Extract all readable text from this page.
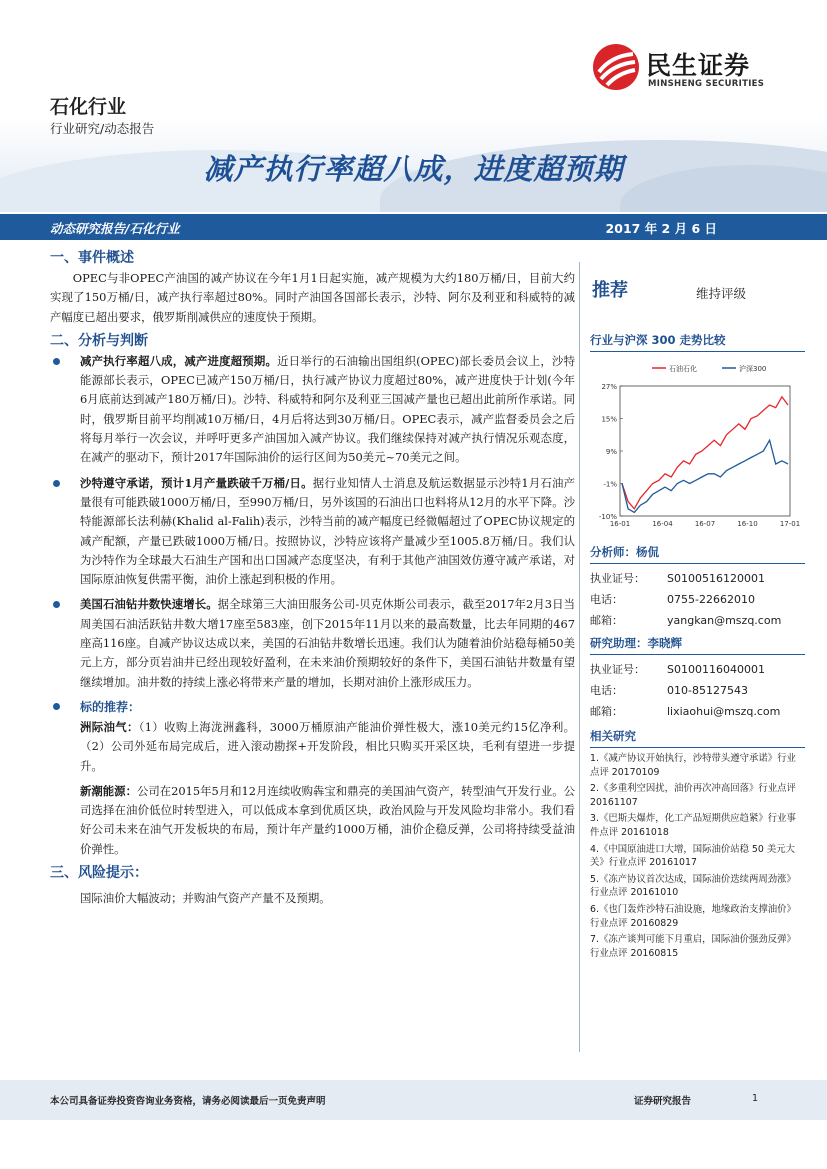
石化行业
行业研究/动态报告
减产执行率超八成，进度超预期
民生证券
MINSHENG SECURITIES
动态研究报告/石化行业	2017 年 2 月 6 日
一、事件概述
OPEC与非OPEC产油国的减产协议在今年1月1日起实施，减产规模为大约180万桶/日，目前大约实现了150万桶/日，减产执行率超过80%。同时产油国各国部长表示，沙特、阿尔及利亚和科威特的减产幅度已超出要求，俄罗斯削减供应的速度快于预期。
二、分析与判断
减产执行率超八成，减产进度超预期。近日举行的石油输出国组织(OPEC)部长委员会议上，沙特能源部长表示，OPEC已减产150万桶/日，执行减产协议力度超过80%，减产进度快于计划(今年6月底前达到减产180万桶/日)。沙特、科威特和阿尔及利亚三国减产量也已超出此前所作承诺。同时，俄罗斯目前平均削减10万桶/日，4月后将达到30万桶/日。OPEC表示，减产监督委员会之后将每月举行一次会议，并呼吁更多产油国加入减产协议。我们继续保持对减产执行情况乐观态度，在减产的驱动下，预计2017年国际油价的运行区间为50美元~70美元之间。
沙特遵守承诺，预计1月产量跌破千万桶/日。据行业知情人士消息及航运数据显示沙特1月石油产量很有可能跌破1000万桶/日，至990万桶/日，另外该国的石油出口也料将从12月的水平下降。沙特能源部长法利赫(Khalid al-Falih)表示，沙特当前的减产幅度已经微幅超过了OPEC协议规定的减产配额，产量已跌破1000万桶/日。按照协议，沙特应该将产量减少至1005.8万桶/日。我们认为沙特作为全球最大石油生产国和出口国减产态度坚决，有利于其他产油国效仿遵守减产承诺，对国际原油恢复供需平衡，油价上涨起到积极的作用。
美国石油钻井数快速增长。据全球第三大油田服务公司-贝克休斯公司表示，截至2017年2月3日当周美国石油活跃钻井数大增17座至583座，创下2015年11月以来的最高数量，比去年同期的467座高116座。自减产协议达成以来，美国的石油钻井数增长迅速。我们认为随着油价站稳每桶50美元上方，部分页岩油井已经出现较好盈利，在未来油价预期较好的条件下，美国石油钻井数量有望继续增加。油井数的持续上涨必将带来产量的增加，长期对油价上涨形成压力。
标的推荐：
洲际油气：（1）收购上海泷洲鑫科，3000万桶原油产能油价弹性极大，涨10美元约15亿净利。（2）公司外延布局完成后，进入滚动勘探+开发阶段，相比只购买开采区块，毛利有望进一步提升。
新潮能源：公司在2015年5月和12月连续收购犇宝和鼎亮的美国油气资产，转型油气开发行业。公司选择在油价低位时转型进入，可以低成本拿到优质区块，政治风险与开发风险均非常小。我们看好公司未来在油气开发板块的布局，预计年产量约1000万桶，油价企稳反弹，公司将持续受益油价弹性。
三、风险提示：
国际油价大幅波动；并购油气资产产量不及预期。
推荐	维持评级
行业与沪深 300 走势比较
27%
15%
9%
-1%
-10%
16-01	16-04	16-07	16-10	17-01
石油石化	沪深300
分析师：杨侃
执业证号：	S0100516120001
电话：	0755-22662010
邮箱：	yangkan@mszq.com
研究助理：李晓辉
执业证号：	S0100116040001
电话：	010-85127543
邮箱：	lixiaohui@mszq.com
相关研究
1.《减产协议开始执行，沙特带头遵守承诺》行业点评 20170109
2.《多重利空因扰，油价再次冲高回落》行业点评 20161107
3.《巴斯夫爆炸，化工产品短期供应趋紧》行业事件点评 20161018
4.《中国原油进口大增，国际油价站稳 50 美元大关》行业点评 20161017
5.《冻产协议首次达成，国际油价迭续两周劲涨》行业点评 20161010
6.《也门轰炸沙特石油设施，地缘政治支撑油价》行业点评 20160829
7.《冻产谈判可能下月重启，国际油价强劲反弹》行业点评 20160815
本公司具备证券投资咨询业务资格，请务必阅读最后一页免责声明	证券研究报告	1
